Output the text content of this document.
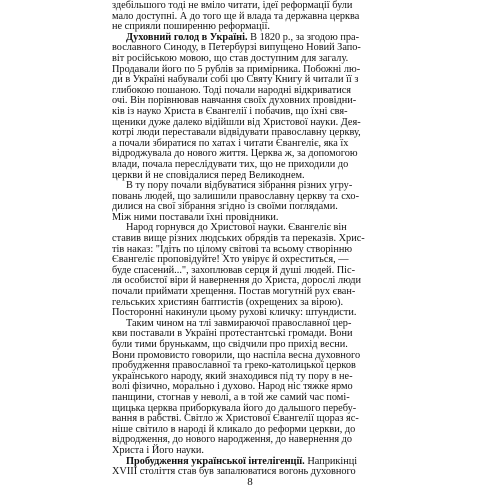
здебільшого тоді не вміло читати, ідеї реформації були
мало доступні. А до того ще й влада та державна церква
не сприяли поширенню реформації.
Духовний голод в Україні. В 1820 р., за згодою пра-
вославного Синоду, в Петербурзі випущено Новий Запо-
віт російською мовою, що став доступним для загалу.
Продавали його по 5 рублів за примірника. Побожні лю-
ди в Україні набували собі цю Святу Книгу й читали її з
глибокою пошаною. Тоді почали народні відкриватися
очі. Він порівнював навчання своїх духовних провідни-
ків із науко Христа в Євангелії і побачив, що їхні свя-
щеники дуже далеко відійшли від Христової науки. Дея-
котрі люди переставали відвідувати православну церкву,
а почали збиратися по хатах і читати Євангеліє, яка їх
відроджувала до нового життя. Церква ж, за допомогою
влади, почала переслідувати тих, що не приходили до
церкви й не сповідалися перед Великоднем.
В ту пору почали відбуватися зібрання різних угру-
повань людей, що залишили православну церкву та схо-
дилися на свої зібрання згідно із своїми поглядами.
Між ними поставали їхні провідники.
Народ горнувся до Христової науки. Євангеліє він
ставив вище різних людських обрядів та переказів. Хрис-
тів наказ: "Ідіть по цілому світові та всьому створінню
Євангеліє проповідуйте! Хто увірує й охреститься, —
буде спасений...", захоплював серця й душі людей. Піс-
ля особистої віри й навернення до Христа, дорослі люди
почали приймати хрещення. Постав могутній рух єван-
гельських християн баптистів (охрещених за вірою).
Посторонні накинули цьому рухові кличку: штундисти.
Таким чином на тлі завмираючої православної цер-
кви поставали в Україні протестантські громади. Вони
були тими брунькамм, що свідчили про прихід весни.
Вони промовисто говорили, що наспіла весна духовного
пробудження православної та греко-католицької церков
українського народу, який знаходився під ту пору в не-
волі фізично, морально і духово. Народ ніс тяжке ярмо
панщини, стогнав у неволі, а в той же самий час помі-
щицька церква приборкувала його до дальшого перебу-
вання в рабстві. Світло ж Христової Євангелії щораз яс-
ніше світило в народі й кликало до реформи церкви, до
відродження, до нового народження, до навернення до
Христа і Його науки.
Пробудження української інтелігенції. Наприкінці
XVIII століття став був запалюватися вогонь духовного
8
